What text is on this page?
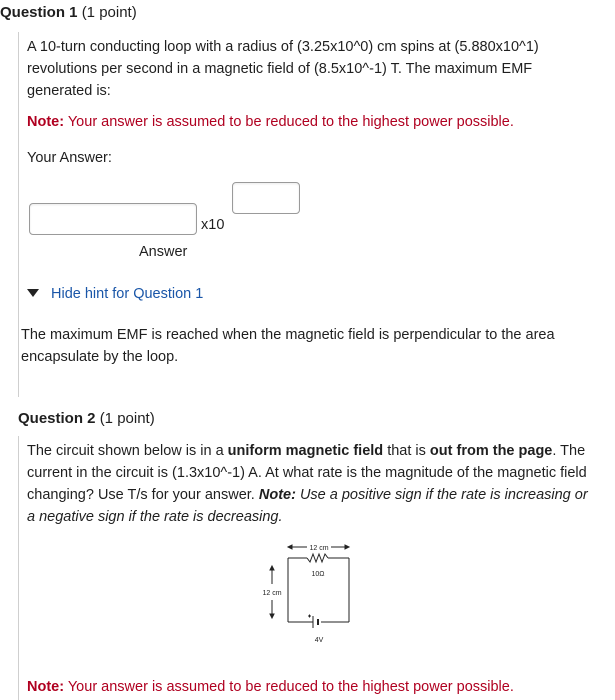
Question 1 (1 point)
A 10-turn conducting loop with a radius of (3.25x10^0) cm spins at (5.880x10^1) revolutions per second in a magnetic field of (8.5x10^-1) T. The maximum EMF generated is:
Note: Your answer is assumed to be reduced to the highest power possible.
Your Answer:
x10
Answer
Hide hint for Question 1
The maximum EMF is reached when the magnetic field is perpendicular to the area encapsulate by the loop.
Question 2 (1 point)
The circuit shown below is in a uniform magnetic field that is out from the page. The current in the circuit is (1.3x10^-1) A. At what rate is the magnitude of the magnetic field changing? Use T/s for your answer. Note: Use a positive sign if the rate is increasing or a negative sign if the rate is decreasing.
12 cm
10Ω
12 cm
4V
Note: Your answer is assumed to be reduced to the highest power possible.
